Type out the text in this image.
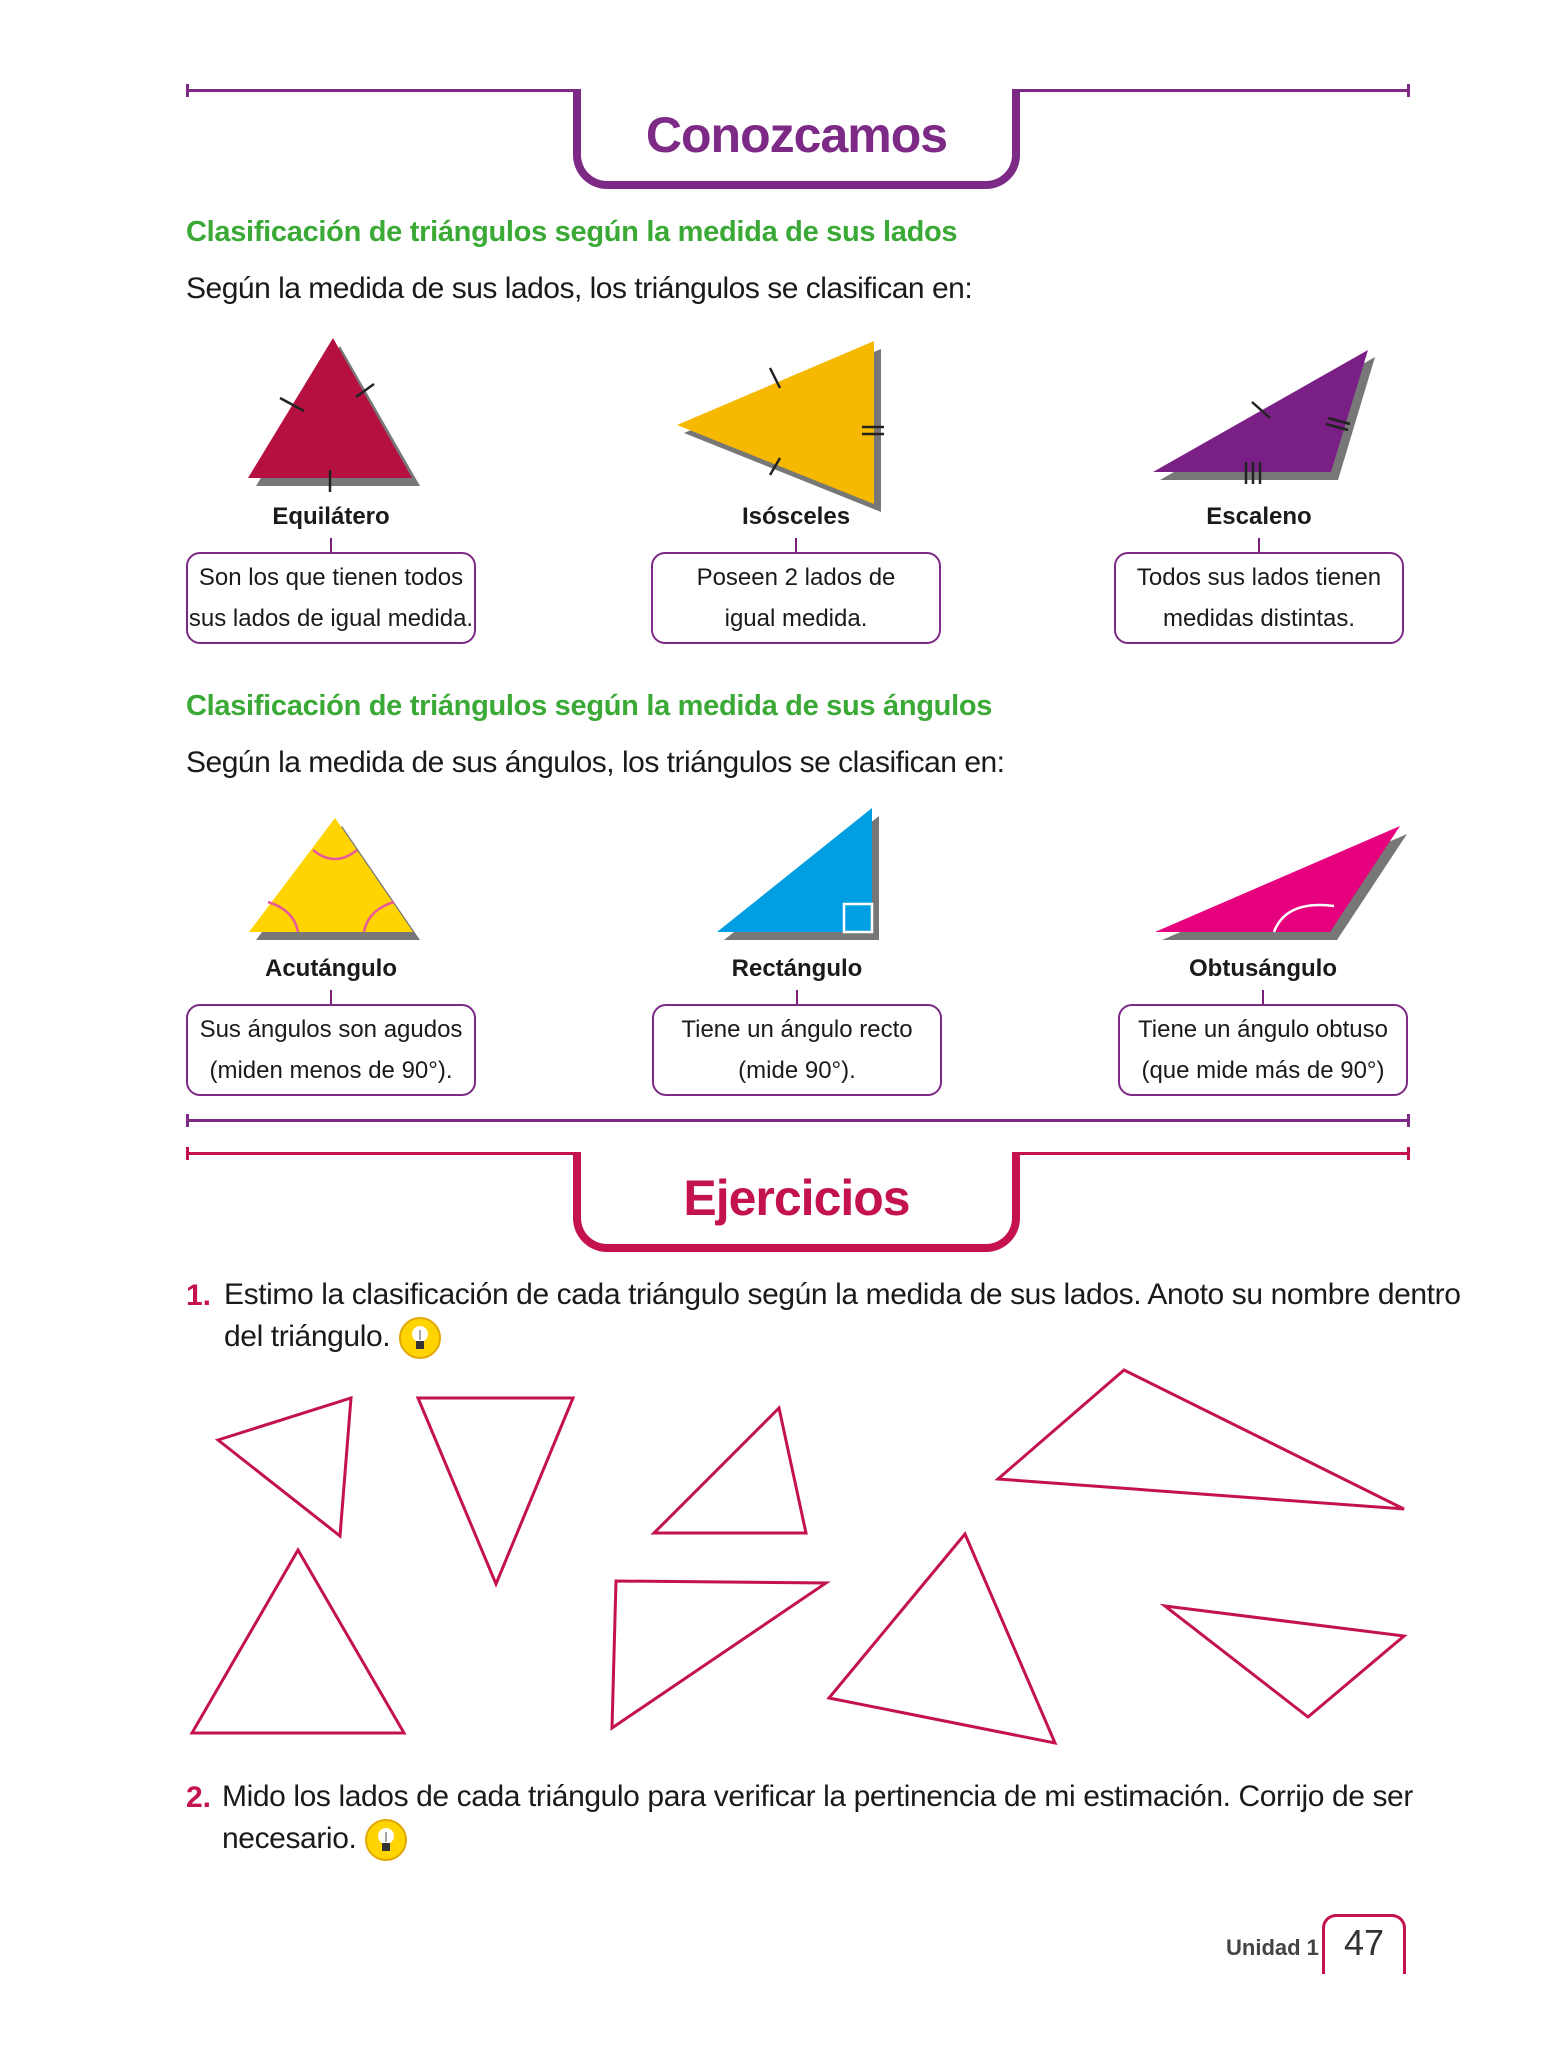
Conozcamos
Clasificación de triángulos según la medida de sus lados
Según la medida de sus lados, los triángulos se clasifican en:
Equilátero
Son los que tienen todos
sus lados de igual medida.
Isósceles
Poseen 2 lados de
igual medida.
Escaleno
Todos sus lados tienen
medidas distintas.
Clasificación de triángulos según la medida de sus ángulos
Según la medida de sus ángulos, los triángulos se clasifican en:
Acutángulo
Sus ángulos son agudos
(miden menos de 90°).
Rectángulo
Tiene un ángulo recto
(mide 90°).
Obtusángulo
Tiene un ángulo obtuso
(que mide más de 90°)
Ejercicios
1. Estimo la clasificación de cada triángulo según la medida de sus lados. Anoto su nombre dentro
del triángulo.
2. Mido los lados de cada triángulo para verificar la pertinencia de mi estimación. Corrijo de ser
necesario.
Unidad 1 47
